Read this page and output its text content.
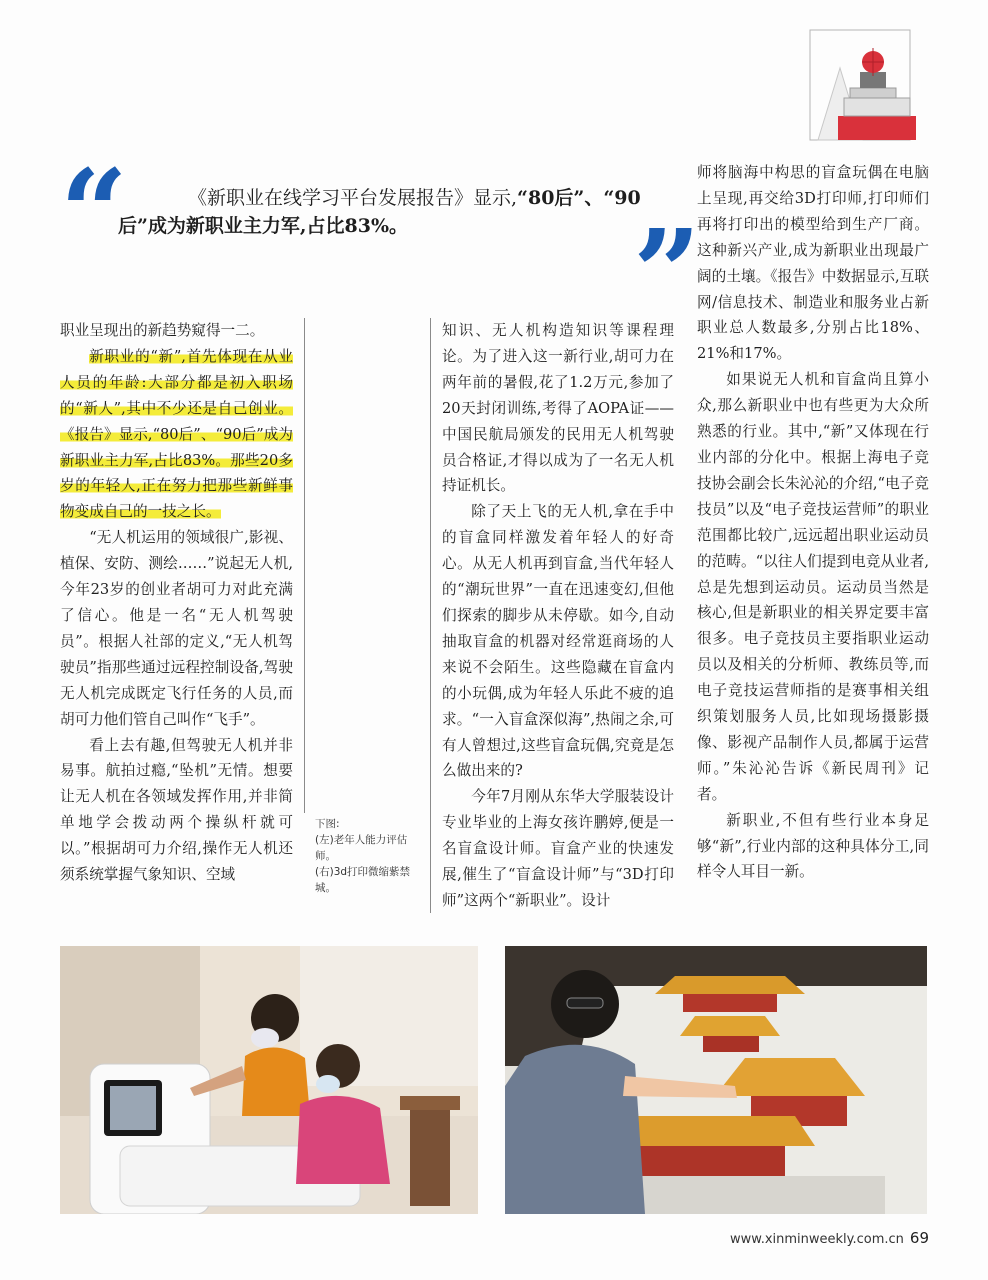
“	《新职业在线学习平台发展报告》显示,“80后”、“90后”成为新职业主力军,占比83%。	”

职业呈现出的新趋势窥得一二。

新职业的“新”,首先体现在从业人员的年龄:大部分都是初入职场的“新人”,其中不少还是自己创业。《报告》显示,“80后”、“90后”成为新职业主力军,占比83%。那些20多岁的年轻人,正在努力把那些新鲜事物变成自己的一技之长。

“无人机运用的领域很广,影视、植保、安防、测绘……”说起无人机,今年23岁的创业者胡可力对此充满了信心。他是一名“无人机驾驶员”。根据人社部的定义,“无人机驾驶员”指那些通过远程控制设备,驾驶无人机完成既定飞行任务的人员,而胡可力他们管自己叫作“飞手”。

看上去有趣,但驾驶无人机并非易事。航拍过瘾,“坠机”无情。想要让无人机在各领域发挥作用,并非简单地学会拨动两个操纵杆就可以。”根据胡可力介绍,操作无人机还须系统掌握气象知识、空域

下图:
(左)老年人能力评估师。
(右)3d打印微缩紫禁城。

知识、无人机构造知识等课程理论。为了进入这一新行业,胡可力在两年前的暑假,花了1.2万元,参加了20天封闭训练,考得了AOPA证——中国民航局颁发的民用无人机驾驶员合格证,才得以成为了一名无人机持证机长。

除了天上飞的无人机,拿在手中的盲盒同样激发着年轻人的好奇心。从无人机再到盲盒,当代年轻人的“潮玩世界”一直在迅速变幻,但他们探索的脚步从未停歇。如今,自动抽取盲盒的机器对经常逛商场的人来说不会陌生。这些隐藏在盲盒内的小玩偶,成为年轻人乐此不疲的追求。“一入盲盒深似海”,热闹之余,可有人曾想过,这些盲盒玩偶,究竟是怎么做出来的?

今年7月刚从东华大学服装设计专业毕业的上海女孩许鹏婷,便是一名盲盒设计师。盲盒产业的快速发展,催生了“盲盒设计师”与“3D打印师”这两个“新职业”。设计

师将脑海中构思的盲盒玩偶在电脑上呈现,再交给3D打印师,打印师们再将打印出的模型给到生产厂商。这种新兴产业,成为新职业出现最广阔的土壤。《报告》中数据显示,互联网/信息技术、制造业和服务业占新职业总人数最多,分别占比18%、21%和17%。

如果说无人机和盲盒尚且算小众,那么新职业中也有些更为大众所熟悉的行业。其中,“新”又体现在行业内部的分化中。根据上海电子竞技协会副会长朱沁沁的介绍,“电子竞技员”以及“电子竞技运营师”的职业范围都比较广,远远超出职业运动员的范畴。“以往人们提到电竞从业者,总是先想到运动员。运动员当然是核心,但是新职业的相关界定要丰富很多。电子竞技员主要指职业运动员以及相关的分析师、教练员等,而电子竞技运营师指的是赛事相关组织策划服务人员,比如现场摄影摄像、影视产品制作人员,都属于运营师。”朱沁沁告诉《新民周刊》记者。

新职业,不但有些行业本身足够“新”,行业内部的这种具体分工,同样令人耳目一新。

www.xinminweekly.com.cn 69
